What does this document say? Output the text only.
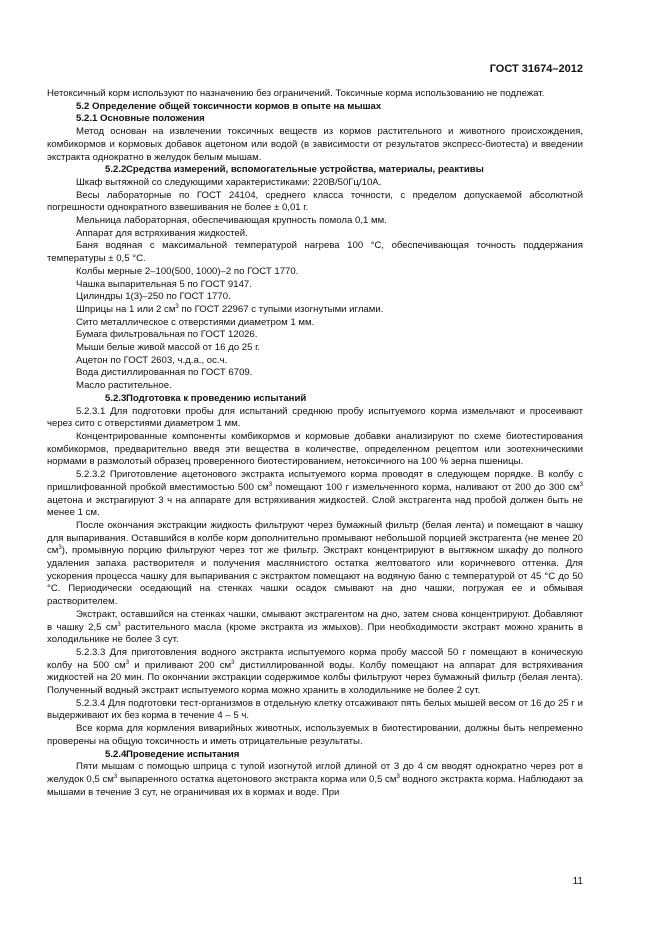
ГОСТ 31674–2012

Нетоксичный корм используют по назначению без ограничений. Токсичные корма использованию не подлежат.

5.2 Определение общей токсичности кормов в опыте на мышах

5.2.1 Основные положения

Метод основан на извлечении токсичных веществ из кормов растительного и животного происхождения, комбикормов и кормовых добавок ацетоном или водой (в зависимости от результатов экспресс-биотеста) и введении экстракта однократно в желудок белым мышам.

5.2.2Средства измерений, вспомогательные устройства, материалы, реактивы

Шкаф вытяжной со следующими характеристиками: 220В/50Гц/10А.

Весы лабораторные по ГОСТ 24104, среднего класса точности, с пределом допускаемой абсолютной погрешности однократного взвешивания не более ± 0,01 г.

Мельница лабораторная, обеспечивающая крупность помола 0,1 мм.

Аппарат для встряхивания жидкостей.

Баня водяная с максимальной температурой нагрева 100 °С, обеспечивающая точность поддержания температуры ± 0,5 °С.

Колбы мерные 2–100(500, 1000)–2 по ГОСТ 1770.

Чашка выпарительная 5 по ГОСТ 9147.

Цилиндры 1(3)–250 по ГОСТ 1770.

Шприцы на 1 или 2 $см^3$ по ГОСТ 22967 с тупыми изогнутыми иглами.

Сито металлическое с отверстиями диаметром 1 мм.

Бумага фильтровальная по ГОСТ 12026.

Мыши белые живой массой от 16 до 25 г.

Ацетон по ГОСТ 2603, ч.д.а., ос.ч.

Вода дистиллированная по ГОСТ 6709.

Масло растительное.

5.2.3Подготовка к проведению испытаний

5.2.3.1 Для подготовки пробы для испытаний среднюю пробу испытуемого корма измельчают и просеивают через сито с отверстиями диаметром 1 мм.

Концентрированные компоненты комбикормов и кормовые добавки анализируют по схеме биотестирования комбикормов, предварительно введя эти вещества в количестве, определенном рецептом или зоотехническими нормами в размолотый образец проверенного биотестированием, нетоксичного на 100 % зерна пшеницы.

5.2.3.2 Приготовление ацетонового экстракта испытуемого корма проводят в следующем порядке. В колбу с пришлифованной пробкой вместимостью 500 $см^3$ помещают 100 г измельченного корма, наливают от 200 до 300 $см^3$ ацетона и экстрагируют 3 ч на аппарате для встряхивания жидкостей. Слой экстрагента над пробой должен быть не менее 1 см.

После окончания экстракции жидкость фильтруют через бумажный фильтр (белая лента) и помещают в чашку для выпаривания. Оставшийся в колбе корм дополнительно промывают небольшой порцией экстрагента (не менее 20 $см^3$), промывную порцию фильтруют через тот же фильтр. Экстракт концентрируют в вытяжном шкафу до полного удаления запаха растворителя и получения маслянистого остатка желтоватого или коричневого оттенка. Для ускорения процесса чашку для выпаривания с экстрактом помещают на водяную баню с температурой от 45 °С до 50 °С. Периодически оседающий на стенках чашки осадок смывают на дно чашки, погружая ее и обмывая растворителем.

Экстракт, оставшийся на стенках чашки, смывают экстрагентом на дно, затем снова концентрируют. Добавляют в чашку 2,5 $см^3$ растительного масла (кроме экстракта из жмыхов). При необходимости экстракт можно хранить в холодильнике не более 3 сут.

5.2.3.3 Для приготовления водного экстракта испытуемого корма пробу массой 50 г помещают в коническую колбу на 500 $см^3$ и приливают 200 $см^3$ дистиллированной воды. Колбу помещают на аппарат для встряхивания жидкостей на 20 мин. По окончании экстракции содержимое колбы фильтруют через бумажный фильтр (белая лента). Полученный водный экстракт испытуемого корма можно хранить в холодильнике не более 2 сут.

5.2.3.4 Для подготовки тест-организмов в отдельную клетку отсаживают пять белых мышей весом от 16 до 25 г и выдерживают их без корма в течение 4 – 5 ч.

Все корма для кормления виварийных животных, используемых в биотестировании, должны быть непременно проверены на общую токсичность и иметь отрицательные результаты.

5.2.4Проведение испытания

Пяти мышам с помощью шприца с тупой изогнутой иглой длиной от 3 до 4 см вводят однократно через рот в желудок 0,5 $см^3$ выпаренного остатка ацетонового экстракта корма или 0,5 $см^3$ водного экстракта корма. Наблюдают за мышами в течение 3 сут, не ограничивая их в кормах и воде. При

11
